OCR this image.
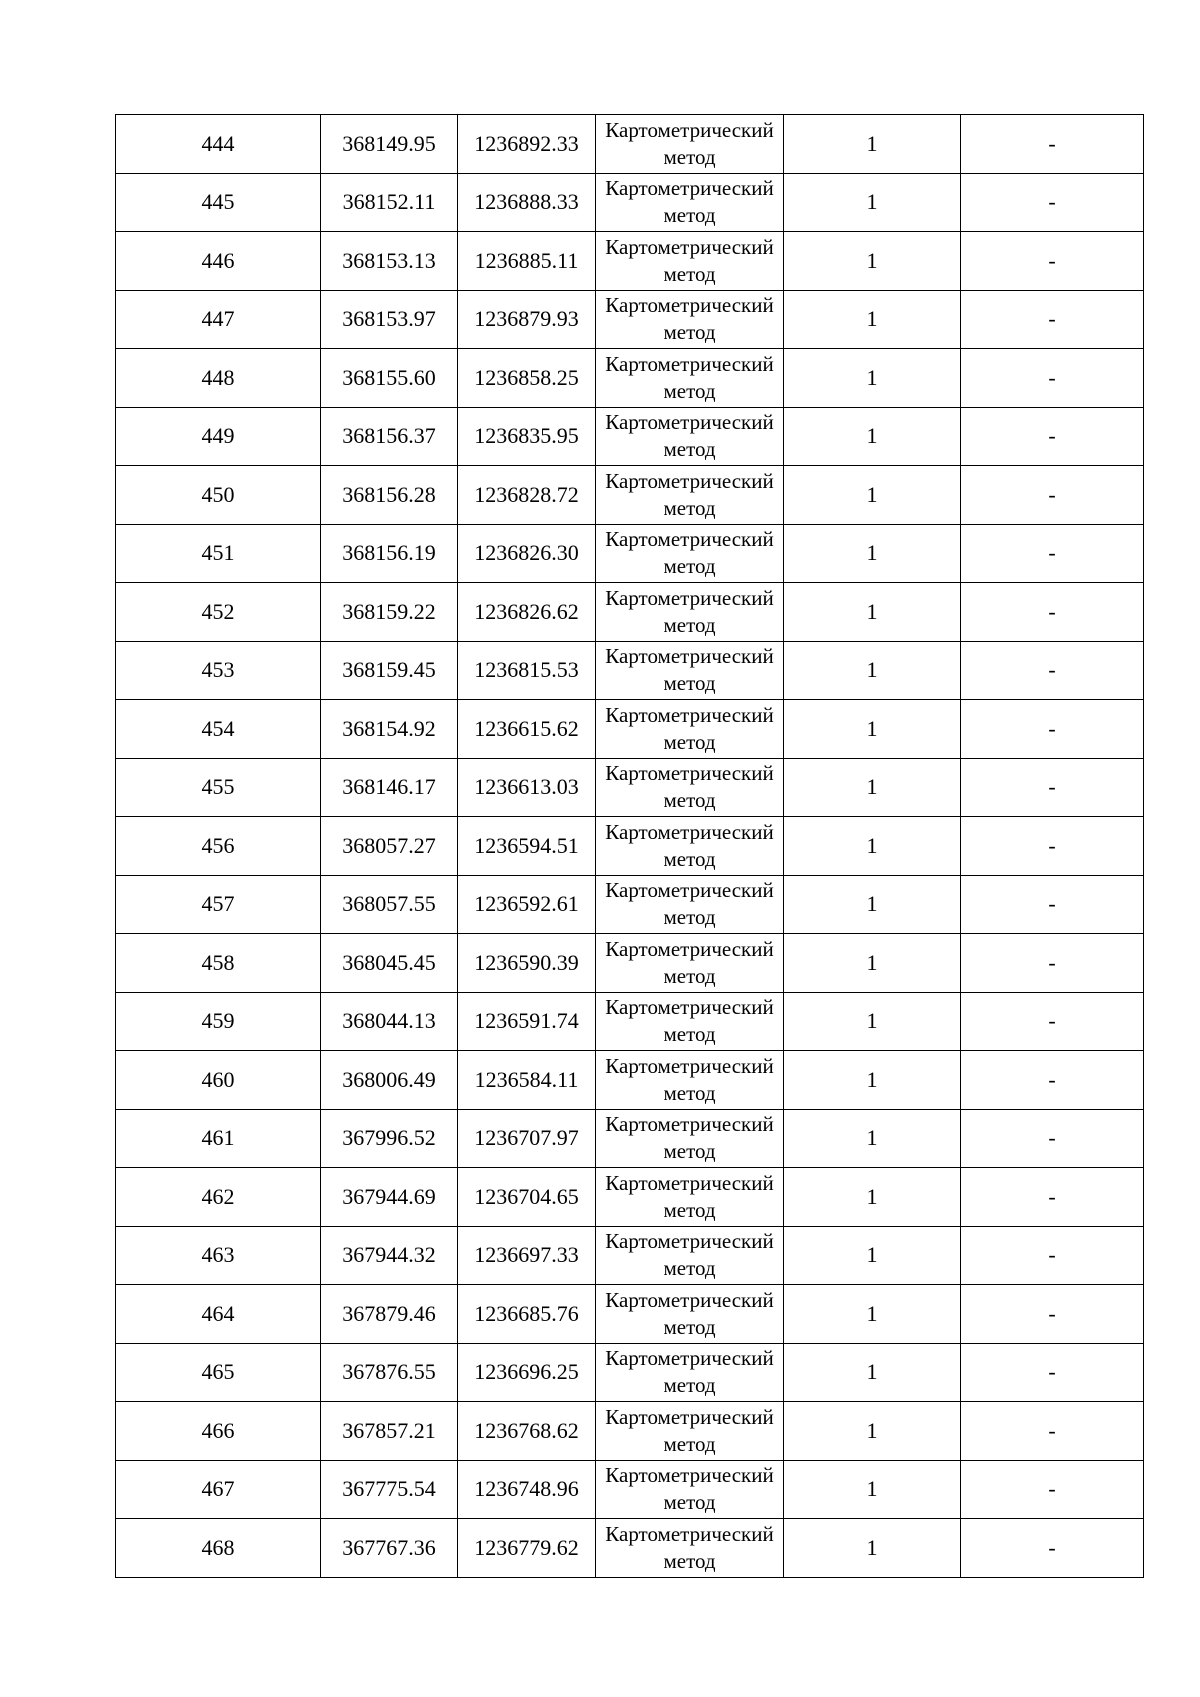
444	368149.95	1236892.33	Картометрический метод	1	-
445	368152.11	1236888.33	Картометрический метод	1	-
446	368153.13	1236885.11	Картометрический метод	1	-
447	368153.97	1236879.93	Картометрический метод	1	-
448	368155.60	1236858.25	Картометрический метод	1	-
449	368156.37	1236835.95	Картометрический метод	1	-
450	368156.28	1236828.72	Картометрический метод	1	-
451	368156.19	1236826.30	Картометрический метод	1	-
452	368159.22	1236826.62	Картометрический метод	1	-
453	368159.45	1236815.53	Картометрический метод	1	-
454	368154.92	1236615.62	Картометрический метод	1	-
455	368146.17	1236613.03	Картометрический метод	1	-
456	368057.27	1236594.51	Картометрический метод	1	-
457	368057.55	1236592.61	Картометрический метод	1	-
458	368045.45	1236590.39	Картометрический метод	1	-
459	368044.13	1236591.74	Картометрический метод	1	-
460	368006.49	1236584.11	Картометрический метод	1	-
461	367996.52	1236707.97	Картометрический метод	1	-
462	367944.69	1236704.65	Картометрический метод	1	-
463	367944.32	1236697.33	Картометрический метод	1	-
464	367879.46	1236685.76	Картометрический метод	1	-
465	367876.55	1236696.25	Картометрический метод	1	-
466	367857.21	1236768.62	Картометрический метод	1	-
467	367775.54	1236748.96	Картометрический метод	1	-
468	367767.36	1236779.62	Картометрический метод	1	-
